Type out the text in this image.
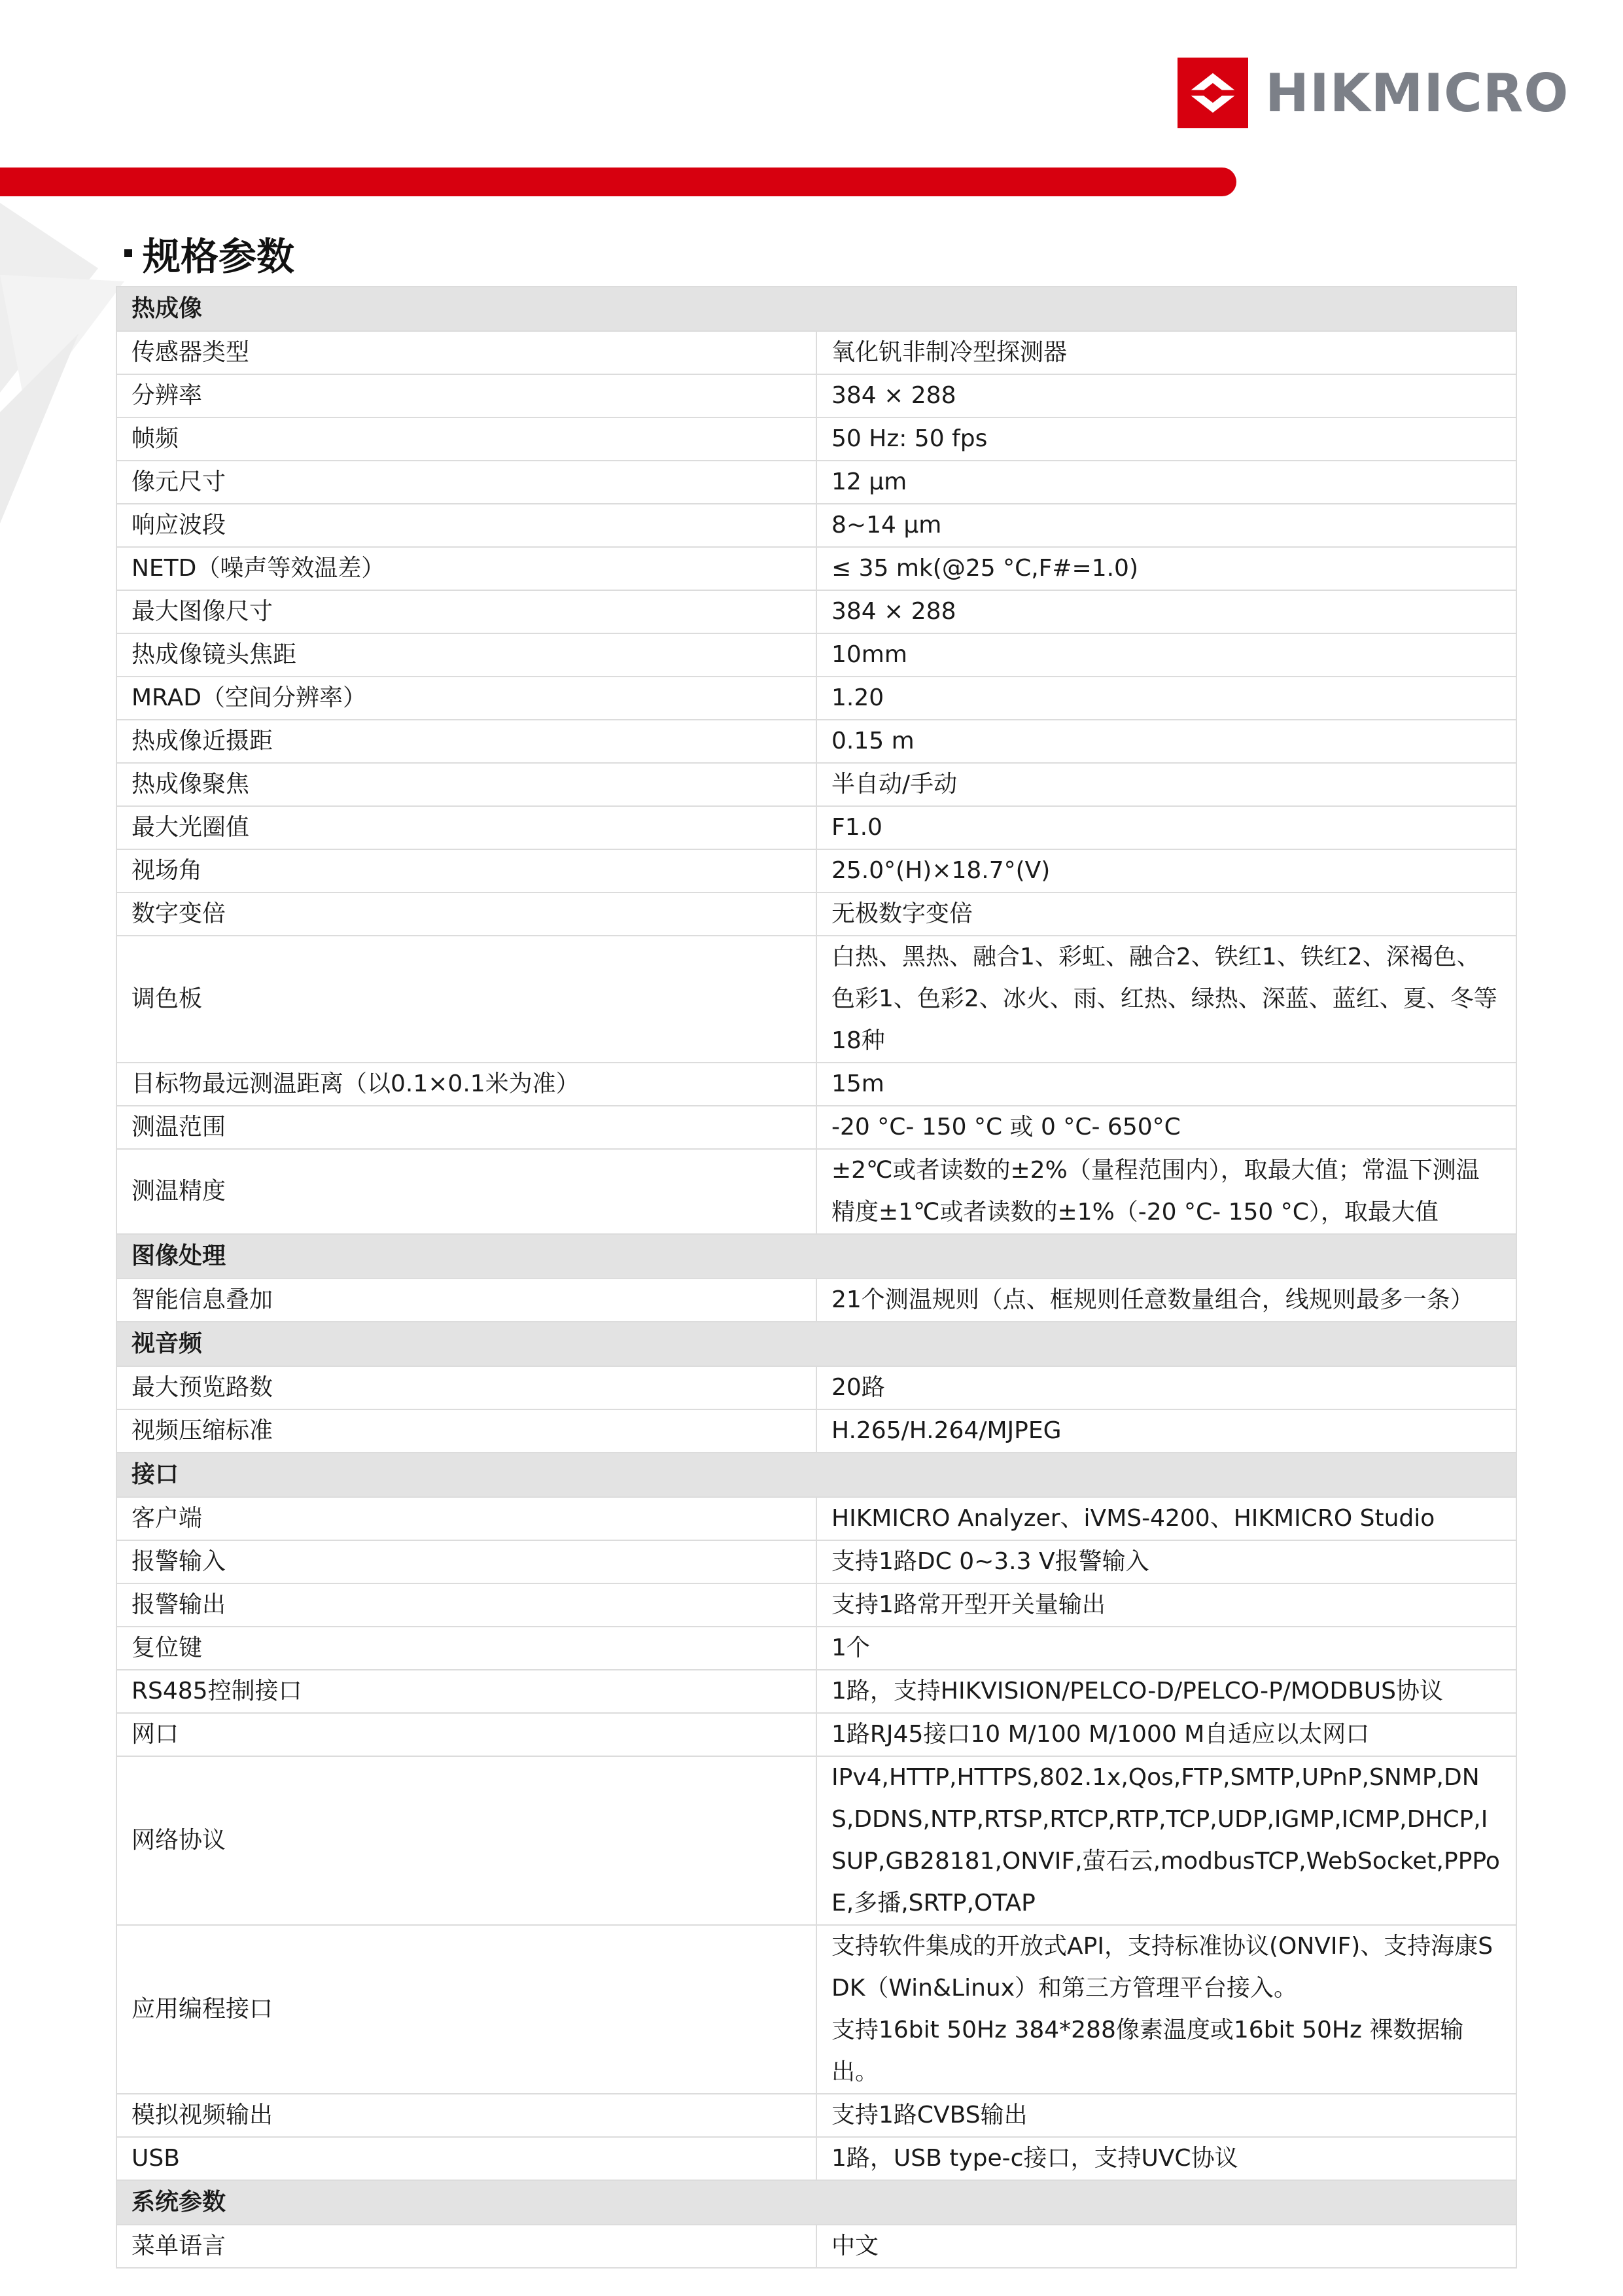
HIKMICRO
规格参数
热成像	
传感器类型	氧化钒非制冷型探测器
分辨率	384 × 288
帧频	50 Hz: 50 fps
像元尺寸	12 μm
响应波段	8~14 μm
NETD（噪声等效温差）	≤ 35 mk(@25 °C,F#=1.0)
最大图像尺寸	384 × 288
热成像镜头焦距	10mm
MRAD（空间分辨率）	1.20
热成像近摄距	0.15 m
热成像聚焦	半自动/手动
最大光圈值	F1.0
视场角	25.0°(H)×18.7°(V)
数字变倍	无极数字变倍
调色板	白热、黑热、融合1、彩虹、融合2、铁红1、铁红2、深褐色、色彩1、色彩2、冰火、雨、红热、绿热、深蓝、蓝红、夏、冬等18种
目标物最远测温距离（以0.1×0.1米为准）	15m
测温范围	-20 °C- 150 °C 或 0 °C- 650°C
测温精度	±2℃或者读数的±2%（量程范围内），取最大值；常温下测温精度±1℃或者读数的±1%（-20 °C- 150 °C），取最大值
图像处理	
智能信息叠加	21个测温规则（点、框规则任意数量组合，线规则最多一条）
视音频	
最大预览路数	20路
视频压缩标准	H.265/H.264/MJPEG
接口	
客户端	HIKMICRO Analyzer、iVMS-4200、HIKMICRO Studio
报警输入	支持1路DC 0~3.3 V报警输入
报警输出	支持1路常开型开关量输出
复位键	1个
RS485控制接口	1路，支持HIKVISION/PELCO-D/PELCO-P/MODBUS协议
网口	1路RJ45接口10 M/100 M/1000 M自适应以太网口
网络协议	IPv4,HTTP,HTTPS,802.1x,Qos,FTP,SMTP,UPnP,SNMP,DNS,DDNS,NTP,RTSP,RTCP,RTP,TCP,UDP,IGMP,ICMP,DHCP,ISUP,GB28181,ONVIF,萤石云,modbusTCP,WebSocket,PPPoE,多播,SRTP,OTAP
应用编程接口	支持软件集成的开放式API，支持标准协议(ONVIF)、支持海康SDK（Win&Linux）和第三方管理平台接入。
支持16bit 50Hz 384*288像素温度或16bit 50Hz 裸数据输出。

模拟视频输出	支持1路CVBS输出
USB	1路，USB type-c接口，支持UVC协议
系统参数	
菜单语言	中文
